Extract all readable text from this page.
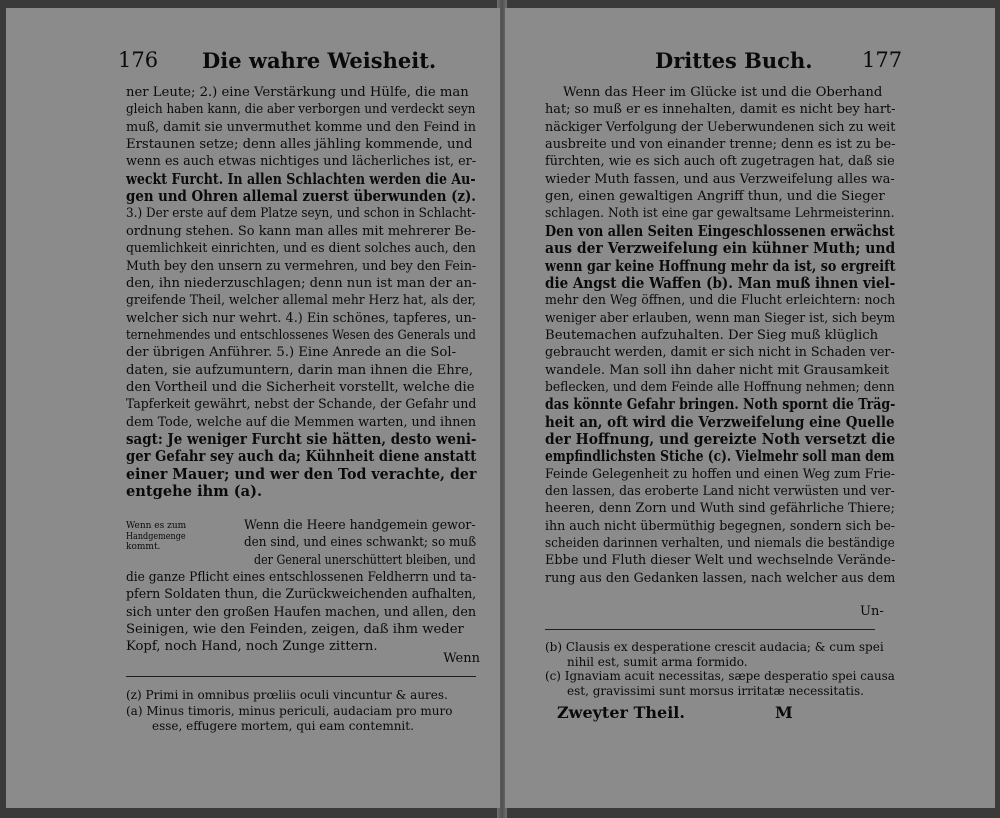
176 Die wahre Weisheit.
ner Leute; 2.) eine Verstärkung und Hülfe, die man
gleich haben kann, die aber verborgen und verdeckt seyn
muß, damit sie unvermuthet komme und den Feind in
Erstaunen setze; denn alles jähling kommende, und
wenn es auch etwas nichtiges und lächerliches ist, er-
weckt Furcht. In allen Schlachten werden die Au-
gen und Ohren allemal zuerst überwunden (z).
3.) Der erste auf dem Platze seyn, und schon in Schlacht-
ordnung stehen. So kann man alles mit mehrerer Be-
quemlichkeit einrichten, und es dient solches auch, den
Muth bey den unsern zu vermehren, und bey den Fein-
den, ihn niederzuschlagen; denn nun ist man der an-
greifende Theil, welcher allemal mehr Herz hat, als der,
welcher sich nur wehrt. 4.) Ein schönes, tapferes, un-
ternehmendes und entschlossenes Wesen des Generals und
der übrigen Anführer. 5.) Eine Anrede an die Sol-
daten, sie aufzumuntern, darin man ihnen die Ehre,
den Vortheil und die Sicherheit vorstellt, welche die
Tapferkeit gewährt, nebst der Schande, der Gefahr und
dem Tode, welche auf die Memmen warten, und ihnen
sagt: Je weniger Furcht sie hätten, desto weni-
ger Gefahr sey auch da; Kühnheit diene anstatt
einer Mauer; und wer den Tod verachte, der
entgehe ihm (a).
Wenn es zum
Handgemenge
kommt.
Wenn die Heere handgemein gewor-
den sind, und eines schwankt; so muß
der General unerschüttert bleiben, und
die ganze Pflicht eines entschlossenen Feldherrn und ta-
pfern Soldaten thun, die Zurückweichenden aufhalten,
sich unter den großen Haufen machen, und allen, den
Seinigen, wie den Feinden, zeigen, daß ihm weder
Kopf, noch Hand, noch Zunge zittern.
Wenn
(z) Primi in omnibus prœliis oculi vincuntur & aures.
(a) Minus timoris, minus periculi, audaciam pro muro
esse, effugere mortem, qui eam contemnit.
Drittes Buch. 177
Wenn das Heer im Glücke ist und die Oberhand
hat; so muß er es innehalten, damit es nicht bey hart-
näckiger Verfolgung der Ueberwundenen sich zu weit
ausbreite und von einander trenne; denn es ist zu be-
fürchten, wie es sich auch oft zugetragen hat, daß sie
wieder Muth fassen, und aus Verzweifelung alles wa-
gen, einen gewaltigen Angriff thun, und die Sieger
schlagen. Noth ist eine gar gewaltsame Lehrmeisterinn.
Den von allen Seiten Eingeschlossenen erwächst
aus der Verzweifelung ein kühner Muth; und
wenn gar keine Hoffnung mehr da ist, so ergreift
die Angst die Waffen (b). Man muß ihnen viel-
mehr den Weg öffnen, und die Flucht erleichtern: noch
weniger aber erlauben, wenn man Sieger ist, sich beym
Beutemachen aufzuhalten. Der Sieg muß klüglich
gebraucht werden, damit er sich nicht in Schaden ver-
wandele. Man soll ihn daher nicht mit Grausamkeit
beflecken, und dem Feinde alle Hoffnung nehmen; denn
das könnte Gefahr bringen. Noth spornt die Träg-
heit an, oft wird die Verzweifelung eine Quelle
der Hoffnung, und gereizte Noth versetzt die
empfindlichsten Stiche (c). Vielmehr soll man dem
Feinde Gelegenheit zu hoffen und einen Weg zum Frie-
den lassen, das eroberte Land nicht verwüsten und ver-
heeren, denn Zorn und Wuth sind gefährliche Thiere;
ihn auch nicht übermüthig begegnen, sondern sich be-
scheiden darinnen verhalten, und niemals die beständige
Ebbe und Fluth dieser Welt und wechselnde Verände-
rung aus den Gedanken lassen, nach welcher aus dem
Un-
(b) Clausis ex desperatione crescit audacia; & cum spei
nihil est, sumit arma formido.
(c) Ignaviam acuit necessitas, sæpe desperatio spei causa
est, gravissimi sunt morsus irritatæ necessitatis.
Zweyter Theil.	M
